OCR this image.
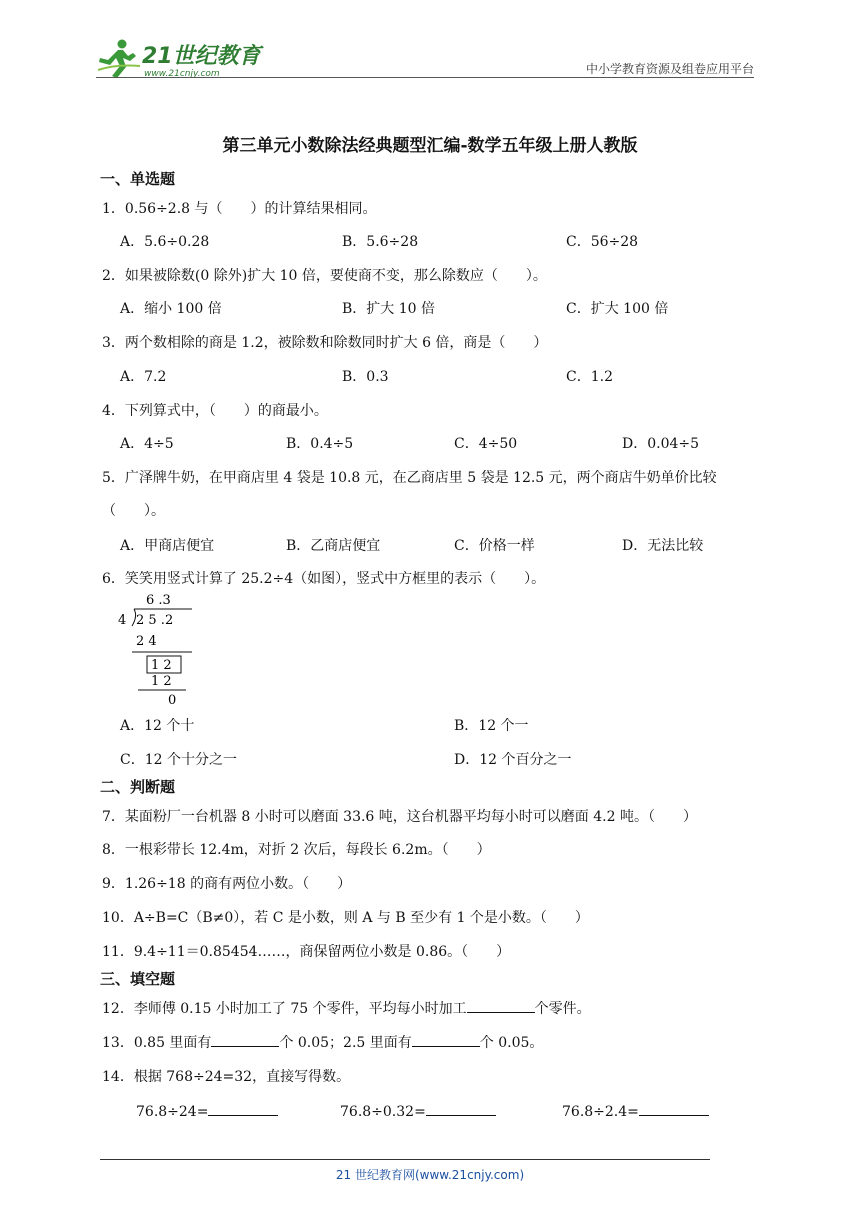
21世纪教育
www.21cnjy.com	中小学教育资源及组卷应用平台
第三单元小数除法经典题型汇编-数学五年级上册人教版
一、单选题
1．0.56÷2.8 与（　　）的计算结果相同。
A．5.6÷0.28	B．5.6÷28	C．56÷28
2．如果被除数(0 除外)扩大 10 倍，要使商不变，那么除数应（　　）。
A．缩小 100 倍	B．扩大 10 倍	C．扩大 100 倍
3．两个数相除的商是 1.2，被除数和除数同时扩大 6 倍，商是（　　）
A．7.2	B．0.3	C．1.2
4．下列算式中，（　　）的商最小。
A．4÷5	B．0.4÷5	C．4÷50	D．0.04÷5
5．广泽牌牛奶，在甲商店里 4 袋是 10.8 元，在乙商店里 5 袋是 12.5 元，两个商店牛奶单价比较
（　　）。
A．甲商店便宜	B．乙商店便宜	C．价格一样	D．无法比较
6．笑笑用竖式计算了 25.2÷4（如图），竖式中方框里的表示（　　）。
6 .3
4 2 5 .2
2 4
1 2
1 2
0
A．12 个十	B．12 个一
C．12 个十分之一	D．12 个百分之一
二、判断题
7．某面粉厂一台机器 8 小时可以磨面 33.6 吨，这台机器平均每小时可以磨面 4.2 吨。（　　）
8．一根彩带长 12.4m，对折 2 次后，每段长 6.2m。（　　）
9．1.26÷18 的商有两位小数。（　　）
10．A÷B=C（B≠0），若 C 是小数，则 A 与 B 至少有 1 个是小数。（　　）
11．9.4÷11＝0.85454……，商保留两位小数是 0.86。（　　）
三、填空题
12．李师傅 0.15 小时加工了 75 个零件，平均每小时加工	个零件。
13．0.85 里面有	个 0.05；2.5 里面有	个 0.05。
14．根据 768÷24=32，直接写得数。
76.8÷24=	76.8÷0.32=	76.8÷2.4=
21 世纪教育网(www.21cnjy.com)
